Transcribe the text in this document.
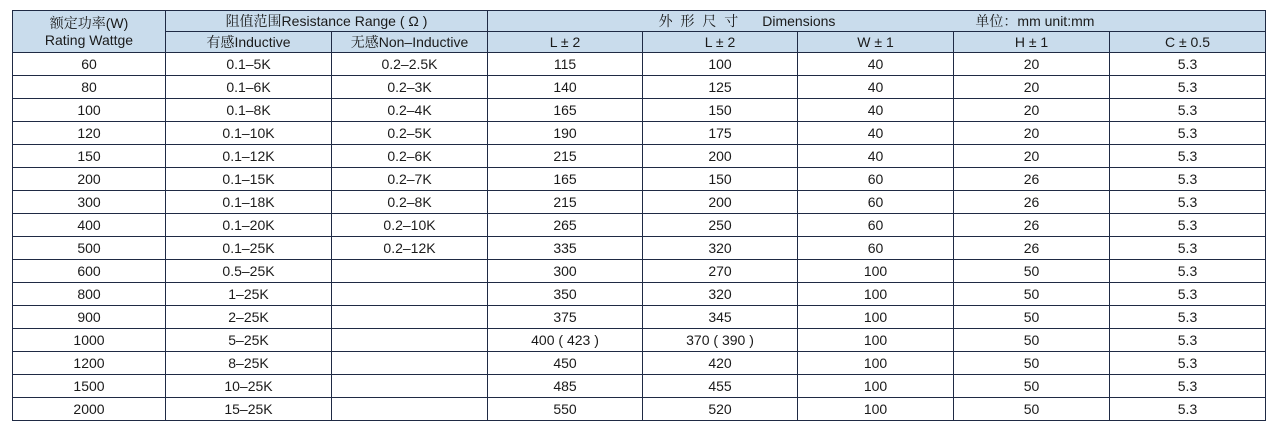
额定功率(W)
Rating Wattge	阻值范围Resistance Range ( Ω )		外 形 尺 寸 Dimensions 单位：mm unit:mm				
	有感Inductive	无感Non–Inductive	L ± 2	L ± 2	W ± 1	H ± 1	C ± 0.5
60	0.1–5K	0.2–2.5K	115	100	40	20	5.3
80	0.1–6K	0.2–3K	140	125	40	20	5.3
100	0.1–8K	0.2–4K	165	150	40	20	5.3
120	0.1–10K	0.2–5K	190	175	40	20	5.3
150	0.1–12K	0.2–6K	215	200	40	20	5.3
200	0.1–15K	0.2–7K	165	150	60	26	5.3
300	0.1–18K	0.2–8K	215	200	60	26	5.3
400	0.1–20K	0.2–10K	265	250	60	26	5.3
500	0.1–25K	0.2–12K	335	320	60	26	5.3
600	0.5–25K		300	270	100	50	5.3
800	1–25K		350	320	100	50	5.3
900	2–25K		375	345	100	50	5.3
1000	5–25K		400 ( 423 )	370 ( 390 )	100	50	5.3
1200	8–25K		450	420	100	50	5.3
1500	10–25K		485	455	100	50	5.3
2000	15–25K		550	520	100	50	5.3
